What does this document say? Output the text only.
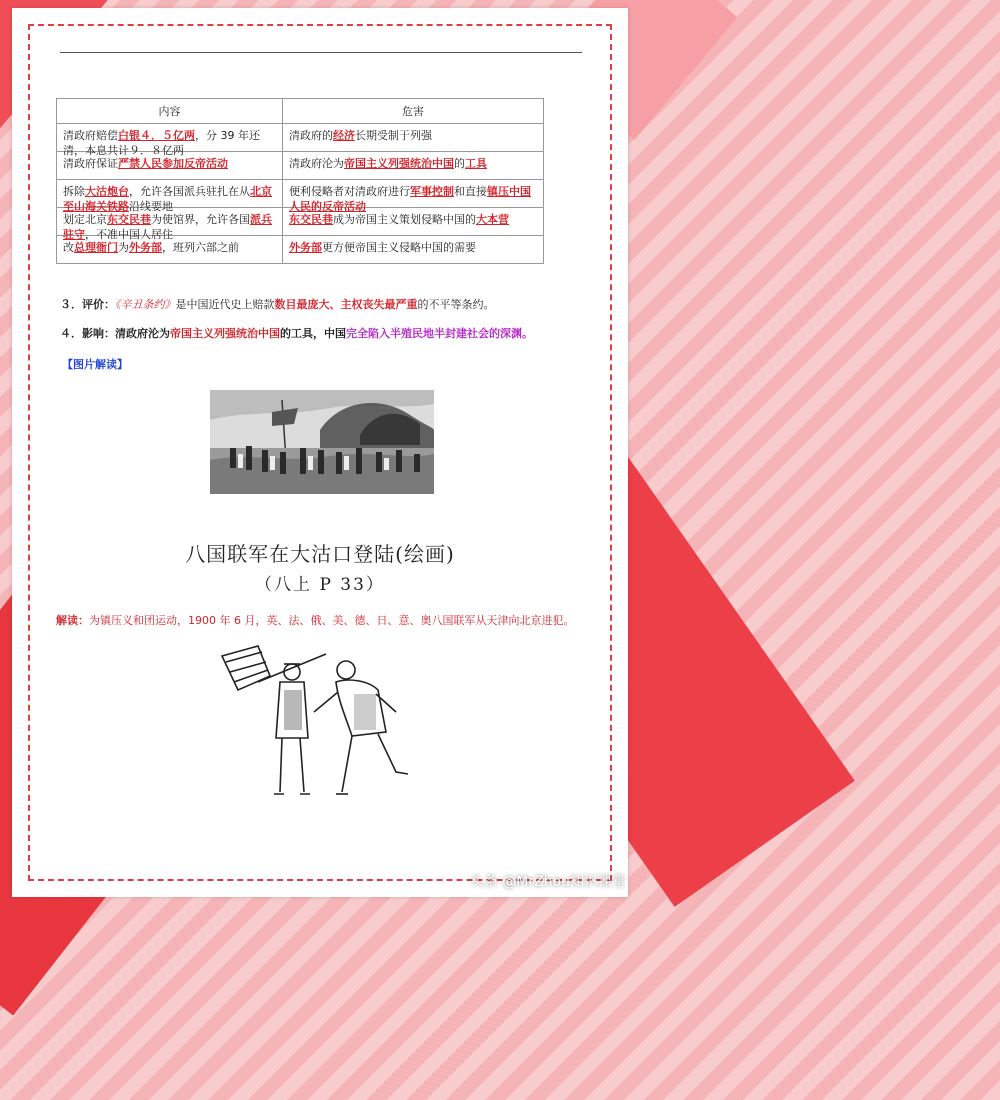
内容	危害

清政府赔偿白银４．５亿两，分 39 年还清，本息共计９．８亿两	清政府的经济长期受制于列强

清政府保证严禁人民参加反帝活动	清政府沦为帝国主义列强统治中国的工具

拆除大沽炮台，允许各国派兵驻扎在从北京至山海关铁路沿线要地	便利侵略者对清政府进行军事控制和直接镇压中国人民的反帝活动

划定北京东交民巷为使馆界，允许各国派兵驻守，不准中国人居住	东交民巷成为帝国主义策划侵略中国的大本营

改总理衙门为外务部，班列六部之前	外务部更方便帝国主义侵略中国的需要
３．评价：《辛丑条约》是中国近代史上赔款数目最庞大、主权丧失最严重的不平等条约。
４．影响：清政府沦为帝国主义列强统治中国的工具，中国完全陷入半殖民地半封建社会的深渊。
【图片解读】
八国联军在大沽口登陆(绘画)
（八上 P 33）
解读：为镇压义和团运动，1900 年 6 月，英、法、俄、美、德、日、意、奥八国联军从天津向北京进犯。
头条 @MrZhou知识课堂
